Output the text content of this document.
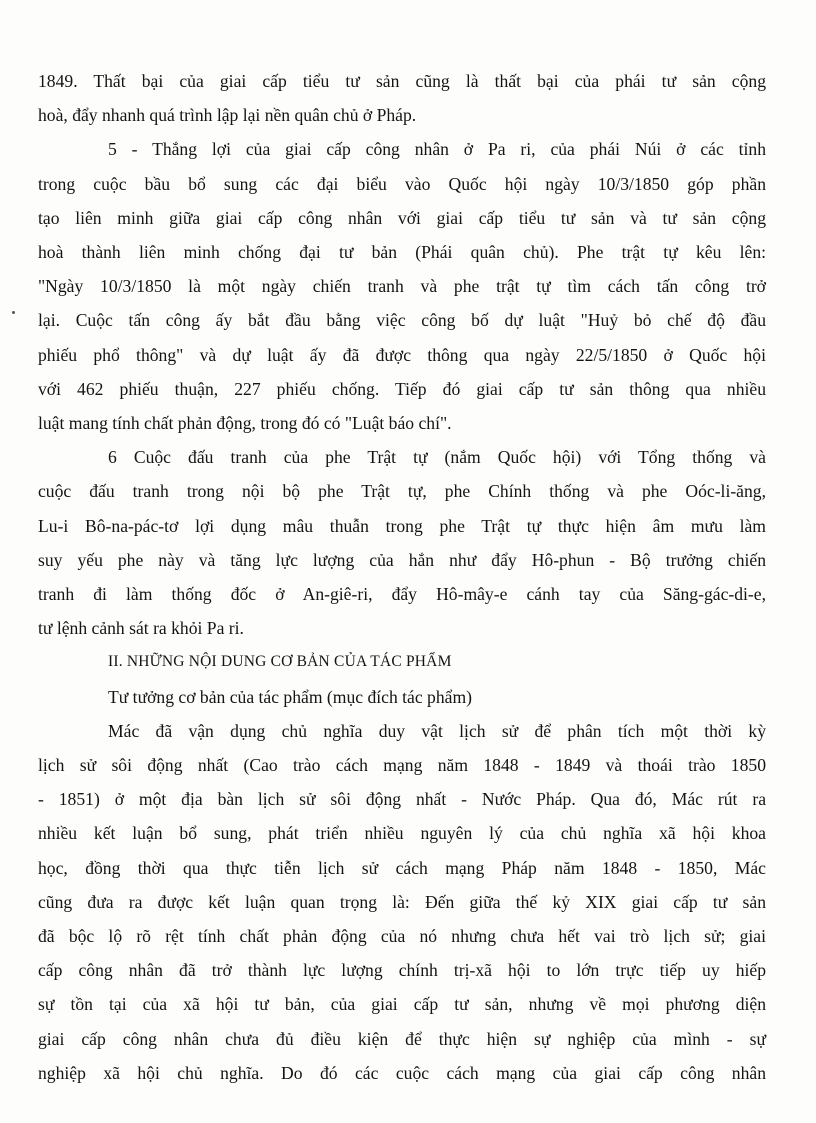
1849. Thất bại của giai cấp tiểu tư sản cũng là thất bại của phái tư sản cộng
hoà, đẩy nhanh quá trình lập lại nền quân chủ ở Pháp.
5 - Thắng lợi của giai cấp công nhân ở Pa ri, của phái Núi ở các tỉnh
trong cuộc bầu bổ sung các đại biểu vào Quốc hội ngày 10/3/1850 góp phần
tạo liên minh giữa giai cấp công nhân với giai cấp tiểu tư sản và tư sản cộng
hoà thành liên minh chống đại tư bản (Phái quân chủ). Phe trật tự kêu lên:
"Ngày 10/3/1850 là một ngày chiến tranh và phe trật tự tìm cách tấn công trở
lại. Cuộc tấn công ấy bắt đầu bằng việc công bố dự luật "Huỷ bỏ chế độ đầu
phiếu phổ thông" và dự luật ấy đã được thông qua ngày 22/5/1850 ở Quốc hội
với 462 phiếu thuận, 227 phiếu chống. Tiếp đó giai cấp tư sản thông qua nhiều
luật mang tính chất phản động, trong đó có "Luật báo chí".
6 Cuộc đấu tranh của phe Trật tự (nắm Quốc hội) với Tổng thống và
cuộc đấu tranh trong nội bộ phe Trật tự, phe Chính thống và phe Oóc-li-ăng,
Lu-i Bô-na-pác-tơ lợi dụng mâu thuẫn trong phe Trật tự thực hiện âm mưu làm
suy yếu phe này và tăng lực lượng của hắn như đẩy Hô-phun - Bộ trưởng chiến
tranh đi làm thống đốc ở An-giê-ri, đẩy Hô-mây-e cánh tay của Săng-gác-di-e,
tư lệnh cảnh sát ra khỏi Pa ri.
II. NHỮNG NỘI DUNG CƠ BẢN CỦA TÁC PHẨM
Tư tưởng cơ bản của tác phẩm (mục đích tác phẩm)
Mác đã vận dụng chủ nghĩa duy vật lịch sử để phân tích một thời kỳ
lịch sử sôi động nhất (Cao trào cách mạng năm 1848 - 1849 và thoái trào 1850
- 1851) ở một địa bàn lịch sử sôi động nhất - Nước Pháp. Qua đó, Mác rút ra
nhiều kết luận bổ sung, phát triển nhiều nguyên lý của chủ nghĩa xã hội khoa
học, đồng thời qua thực tiễn lịch sử cách mạng Pháp năm 1848 - 1850, Mác
cũng đưa ra được kết luận quan trọng là: Đến giữa thế kỷ XIX giai cấp tư sản
đã bộc lộ rõ rệt tính chất phản động của nó nhưng chưa hết vai trò lịch sử; giai
cấp công nhân đã trở thành lực lượng chính trị-xã hội to lớn trực tiếp uy hiếp
sự tồn tại của xã hội tư bản, của giai cấp tư sản, nhưng về mọi phương diện
giai cấp công nhân chưa đủ điều kiện để thực hiện sự nghiệp của mình - sự
nghiệp xã hội chủ nghĩa. Do đó các cuộc cách mạng của giai cấp công nhân
